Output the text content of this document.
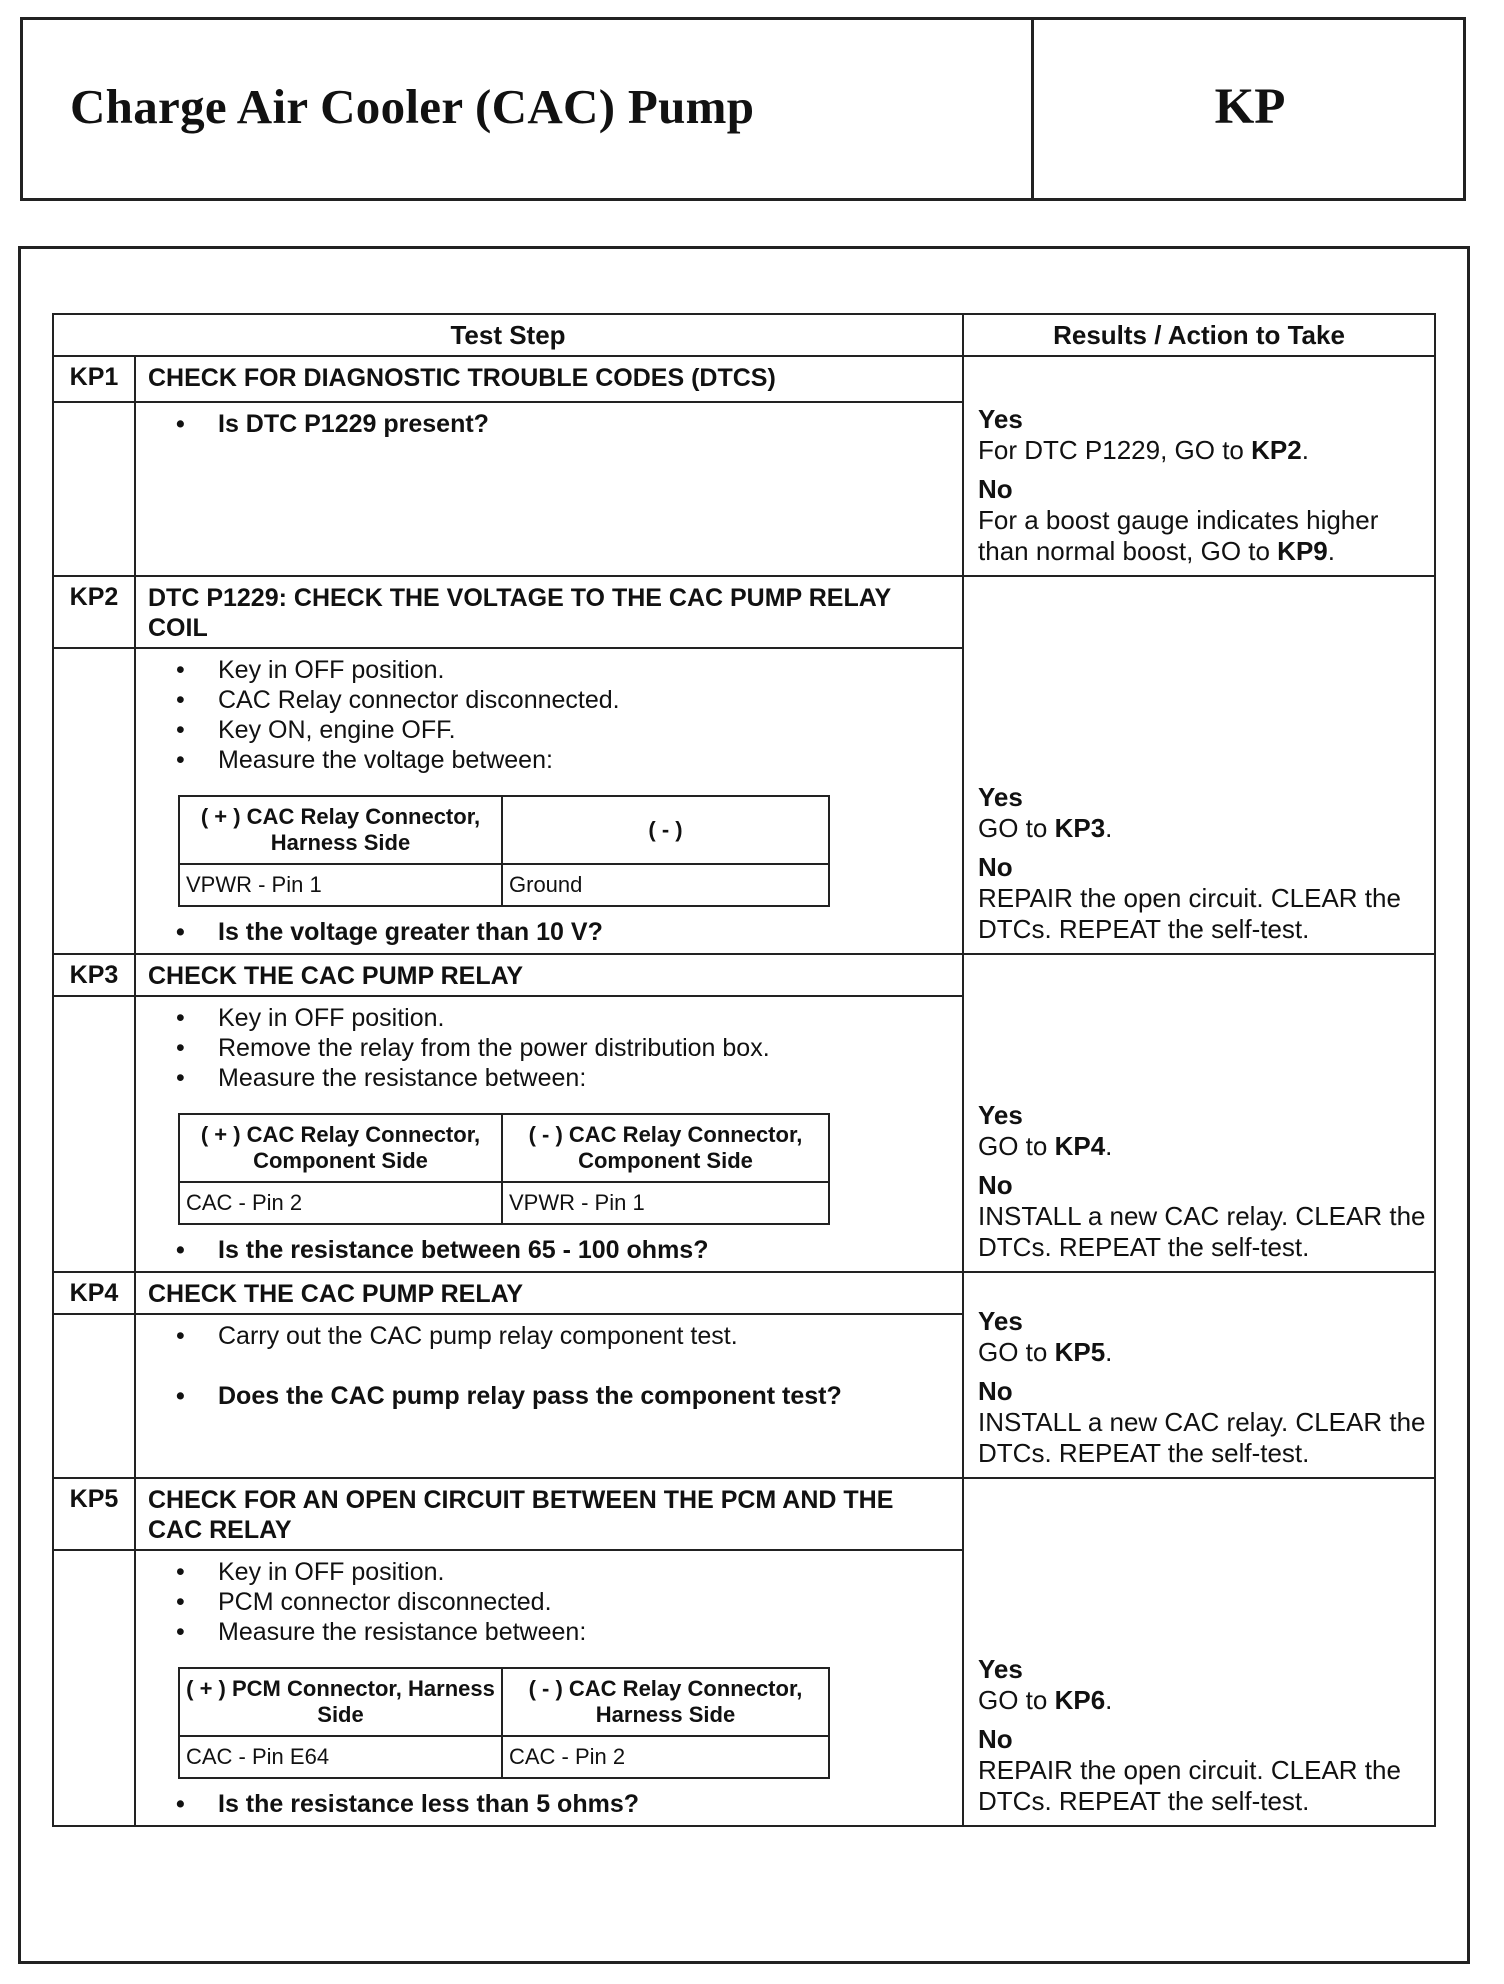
Charge Air Cooler (CAC) Pump	KP
Test Step	Results / Action to Take
KP1	CHECK FOR DIAGNOSTIC TROUBLE CODES (DTCS)	
Yes
For DTC P1229, GO to KP2.
No
For a boost gauge indicates higher than normal boost, GO to KP9.

• Is DTC P1229 present?

KP2	DTC P1229: CHECK THE VOLTAGE TO THE CAC PUMP RELAY COIL	
Yes
GO to KP3.
No
REPAIR the open circuit. CLEAR the DTCs. REPEAT the self-test.

• Key in OFF position.
• CAC Relay connector disconnected.
• Key ON, engine OFF.
• Measure the voltage between:
( + ) CAC Relay Connector, Harness Side	( - )
VPWR - Pin 1	Ground
• Is the voltage greater than 10 V?

KP3	CHECK THE CAC PUMP RELAY	
Yes
GO to KP4.
No
INSTALL a new CAC relay. CLEAR the DTCs. REPEAT the self-test.

• Key in OFF position.
• Remove the relay from the power distribution box.
• Measure the resistance between:
( + ) CAC Relay Connector, Component Side	( - ) CAC Relay Connector, Component Side
CAC - Pin 2	VPWR - Pin 1
• Is the resistance between 65 - 100 ohms?

KP4	CHECK THE CAC PUMP RELAY	
Yes
GO to KP5.
No
INSTALL a new CAC relay. CLEAR the DTCs. REPEAT the self-test.

• Carry out the CAC pump relay component test.
• Does the CAC pump relay pass the component test?

KP5	CHECK FOR AN OPEN CIRCUIT BETWEEN THE PCM AND THE CAC RELAY	
Yes
GO to KP6.
No
REPAIR the open circuit. CLEAR the DTCs. REPEAT the self-test.

• Key in OFF position.
• PCM connector disconnected.
• Measure the resistance between:
( + ) PCM Connector, Harness Side	( - ) CAC Relay Connector, Harness Side
CAC - Pin E64	CAC - Pin 2
• Is the resistance less than 5 ohms?
